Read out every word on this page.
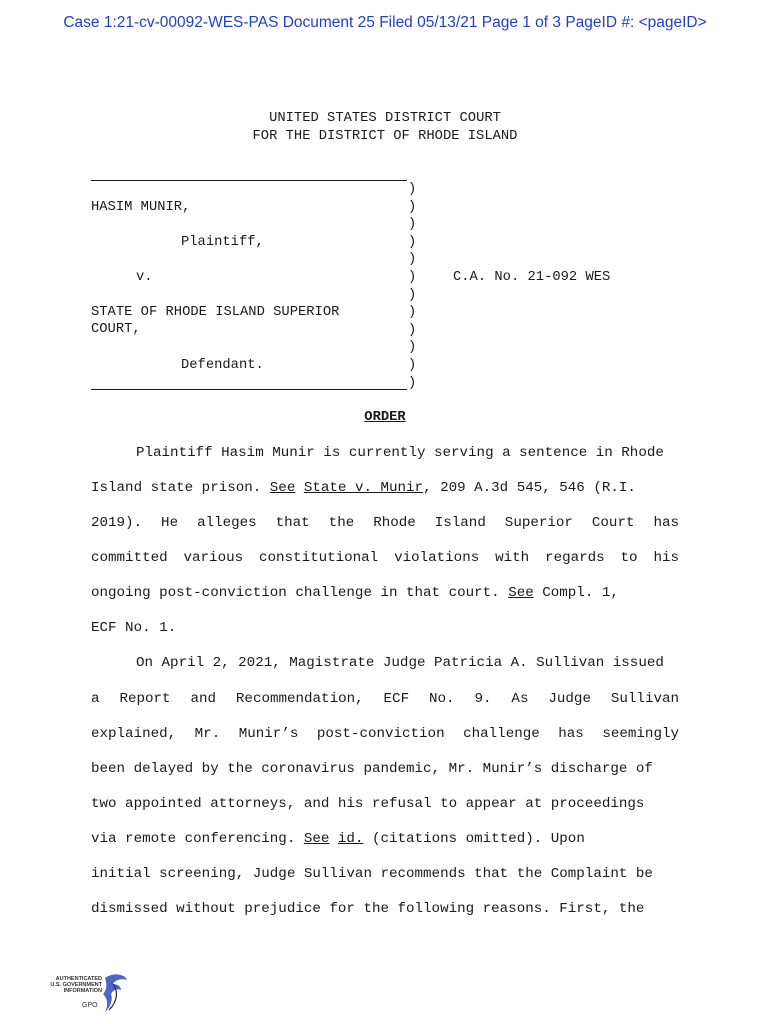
Case 1:21-cv-00092-WES-PAS Document 25 Filed 05/13/21 Page 1 of 3 PageID #: <pageID>
UNITED STATES DISTRICT COURT
FOR THE DISTRICT OF RHODE ISLAND
)
)
)
)
)
)
)
)
)
)
)
)
HASIM MUNIR,
Plaintiff,
v.	C.A. No. 21-092 WES
STATE OF RHODE ISLAND SUPERIOR
COURT,
Defendant.
ORDER
Plaintiff Hasim Munir is currently serving a sentence in Rhode
Island state prison. See State v. Munir, 209 A.3d 545, 546 (R.I.
2019). He alleges that the Rhode Island Superior Court has
committed various constitutional violations with regards to his
ongoing post-conviction challenge in that court. See Compl. 1,
ECF No. 1.
On April 2, 2021, Magistrate Judge Patricia A. Sullivan issued
a Report and Recommendation, ECF No. 9. As Judge Sullivan
explained, Mr. Munir’s post-conviction challenge has seemingly
been delayed by the coronavirus pandemic, Mr. Munir’s discharge of
two appointed attorneys, and his refusal to appear at proceedings
via remote conferencing. See id. (citations omitted). Upon
initial screening, Judge Sullivan recommends that the Complaint be
dismissed without prejudice for the following reasons. First, the
AUTHENTICATED
U.S. GOVERNMENT
INFORMATION
GPO
